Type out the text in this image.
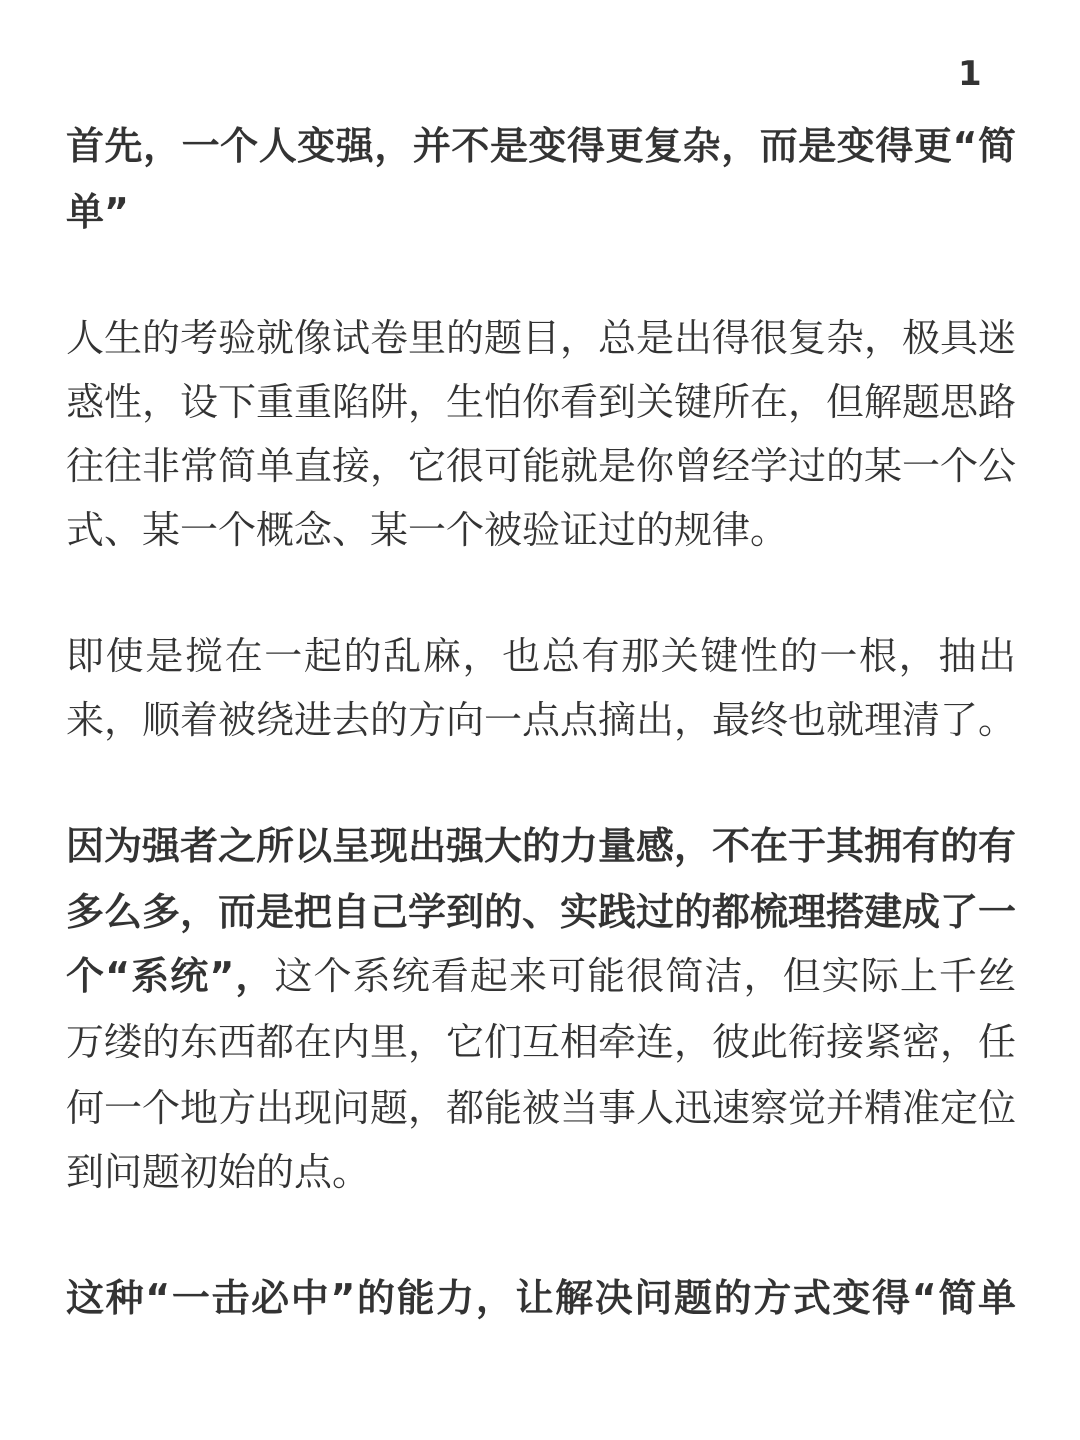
1
首先，一个人变强，并不是变得更复杂，而是变得更“简
单”
人生的考验就像试卷里的题目，总是出得很复杂，极具迷
惑性，设下重重陷阱，生怕你看到关键所在，但解题思路
往往非常简单直接，它很可能就是你曾经学过的某一个公
式、某一个概念、某一个被验证过的规律。
即使是搅在一起的乱麻，也总有那关键性的一根，抽出
来，顺着被绕进去的方向一点点摘出，最终也就理清了。
因为强者之所以呈现出强大的力量感，不在于其拥有的有
多么多，而是把自己学到的、实践过的都梳理搭建成了一
个“系统”，这个系统看起来可能很简洁，但实际上千丝
万缕的东西都在内里，它们互相牵连，彼此衔接紧密，任
何一个地方出现问题，都能被当事人迅速察觉并精准定位
到问题初始的点。
这种“一击必中”的能力，让解决问题的方式变得“简单
